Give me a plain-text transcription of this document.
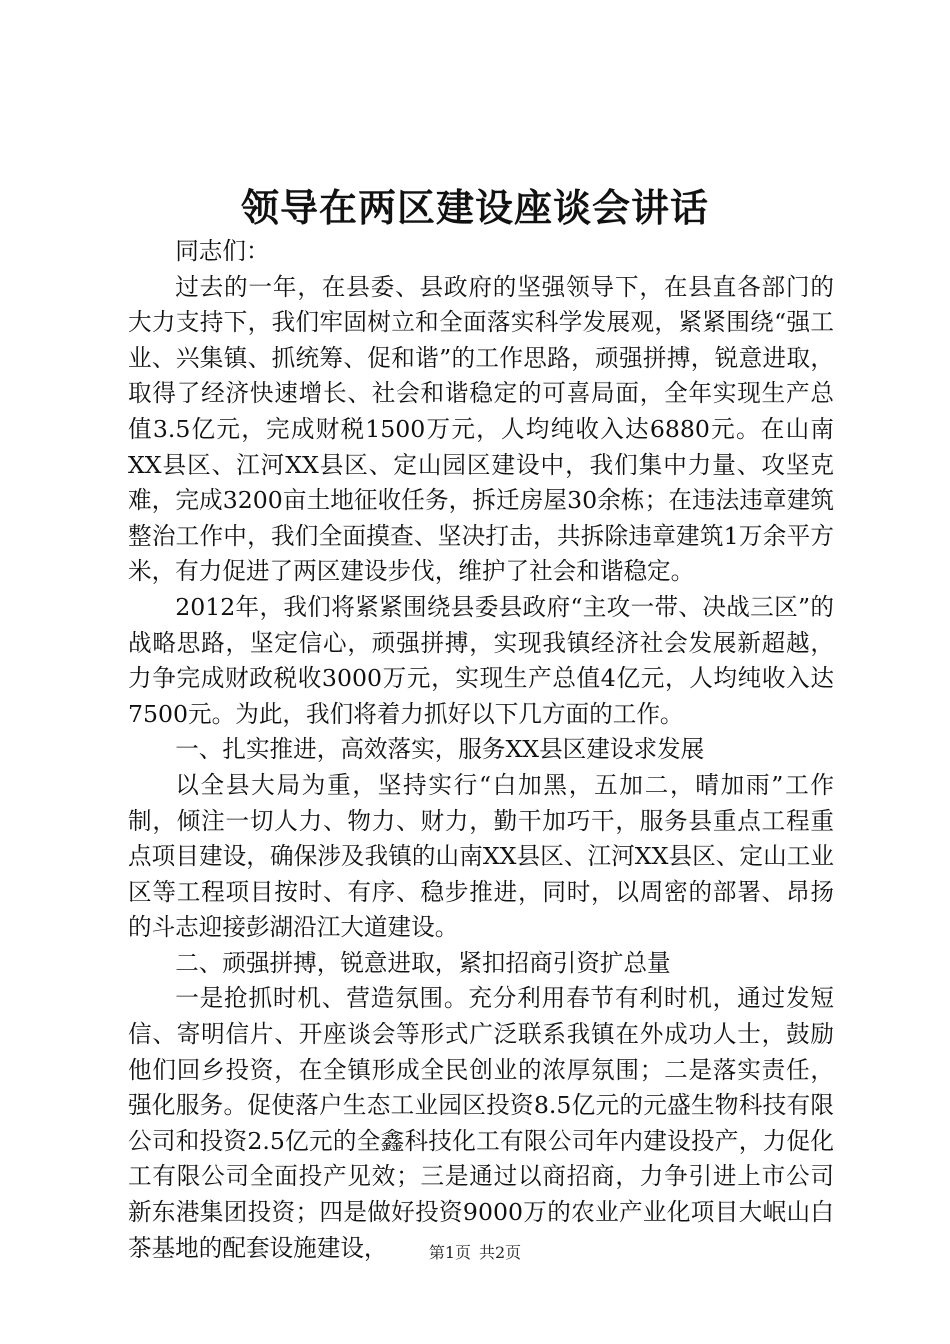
领导在两区建设座谈会讲话

同志们：

过去的一年，在县委、县政府的坚强领导下，在县直各部门的大力支持下，我们牢固树立和全面落实科学发展观，紧紧围绕“强工业、兴集镇、抓统筹、促和谐”的工作思路，顽强拼搏，锐意进取，取得了经济快速增长、社会和谐稳定的可喜局面，全年实现生产总值3.5亿元，完成财税1500万元，人均纯收入达6880元。在山南XX县区、江河XX县区、定山园区建设中，我们集中力量、攻坚克难，完成3200亩土地征收任务，拆迁房屋30余栋；在违法违章建筑整治工作中，我们全面摸查、坚决打击，共拆除违章建筑1万余平方米，有力促进了两区建设步伐，维护了社会和谐稳定。

2012年，我们将紧紧围绕县委县政府“主攻一带、决战三区”的战略思路，坚定信心，顽强拼搏，实现我镇经济社会发展新超越，力争完成财政税收3000万元，实现生产总值4亿元，人均纯收入达7500元。为此，我们将着力抓好以下几方面的工作。

一、扎实推进，高效落实，服务XX县区建设求发展

以全县大局为重，坚持实行“白加黑，五加二，晴加雨”工作制，倾注一切人力、物力、财力，勤干加巧干，服务县重点工程重点项目建设，确保涉及我镇的山南XX县区、江河XX县区、定山工业区等工程项目按时、有序、稳步推进，同时，以周密的部署、昂扬的斗志迎接彭湖沿江大道建设。

二、顽强拼搏，锐意进取，紧扣招商引资扩总量

一是抢抓时机、营造氛围。充分利用春节有利时机，通过发短信、寄明信片、开座谈会等形式广泛联系我镇在外成功人士，鼓励他们回乡投资，在全镇形成全民创业的浓厚氛围；二是落实责任，强化服务。促使落户生态工业园区投资8.5亿元的元盛生物科技有限公司和投资2.5亿元的全鑫科技化工有限公司年内建设投产，力促化工有限公司全面投产见效；三是通过以商招商，力争引进上市公司新东港集团投资；四是做好投资9000万的农业产业化项目大岷山白茶基地的配套设施建设，	第1页 共2页
